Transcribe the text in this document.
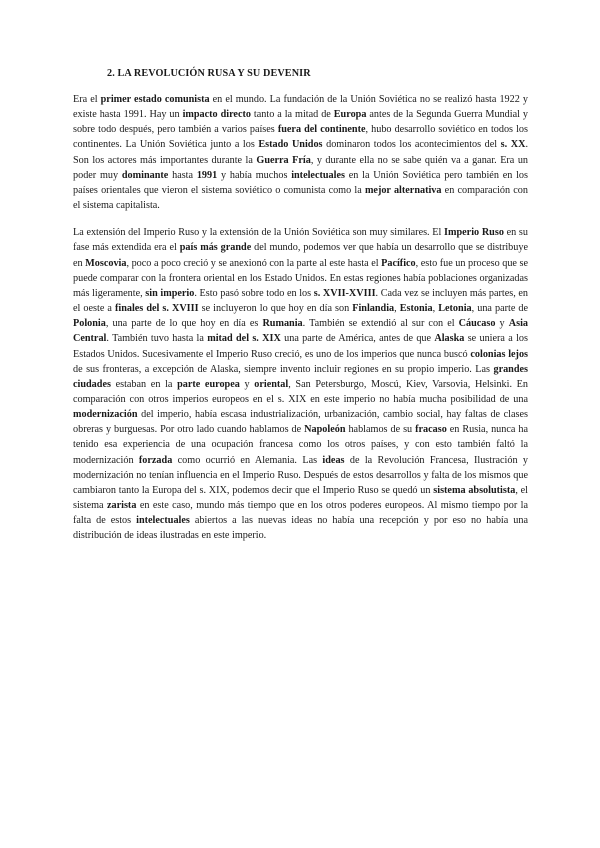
2. LA REVOLUCIÓN RUSA Y SU DEVENIR

Era el primer estado comunista en el mundo. La fundación de la Unión Soviética no se realizó hasta 1922 y existe hasta 1991. Hay un impacto directo tanto a la mitad de Europa antes de la Segunda Guerra Mundial y sobre todo después, pero también a varios países fuera del continente, hubo desarrollo soviético en todos los continentes. La Unión Soviética junto a los Estado Unidos dominaron todos los acontecimientos del s. XX. Son los actores más importantes durante la Guerra Fría, y durante ella no se sabe quién va a ganar. Era un poder muy dominante hasta 1991 y había muchos intelectuales en la Unión Soviética pero también en los países orientales que vieron el sistema soviético o comunista como la mejor alternativa en comparación con el sistema capitalista.

La extensión del Imperio Ruso y la extensión de la Unión Soviética son muy similares. El Imperio Ruso en su fase más extendida era el país más grande del mundo, podemos ver que había un desarrollo que se distribuye en Moscovia, poco a poco creció y se anexionó con la parte al este hasta el Pacífico, esto fue un proceso que se puede comparar con la frontera oriental en los Estado Unidos. En estas regiones había poblaciones organizadas más ligeramente, sin imperio. Esto pasó sobre todo en los s. XVII-XVIII. Cada vez se incluyen más partes, en el oeste a finales del s. XVIII se incluyeron lo que hoy en día son Finlandia, Estonia, Letonia, una parte de Polonia, una parte de lo que hoy en día es Rumania. También se extendió al sur con el Cáucaso y Asia Central. También tuvo hasta la mitad del s. XIX una parte de América, antes de que Alaska se uniera a los Estados Unidos. Sucesivamente el Imperio Ruso creció, es uno de los imperios que nunca buscó colonias lejos de sus fronteras, a excepción de Alaska, siempre invento incluir regiones en su propio imperio. Las grandes ciudades estaban en la parte europea y oriental, San Petersburgo, Moscú, Kiev, Varsovia, Helsinki. En comparación con otros imperios europeos en el s. XIX en este imperio no había mucha posibilidad de una modernización del imperio, había escasa industrialización, urbanización, cambio social, hay faltas de clases obreras y burguesas. Por otro lado cuando hablamos de Napoleón hablamos de su fracaso en Rusia, nunca ha tenido esa experiencia de una ocupación francesa como los otros países, y con esto también faltó la modernización forzada como ocurrió en Alemania. Las ideas de la Revolución Francesa, Ilustración y modernización no tenían influencia en el Imperio Ruso. Después de estos desarrollos y falta de los mismos que cambiaron tanto la Europa del s. XIX, podemos decir que el Imperio Ruso se quedó un sistema absolutista, el sistema zarista en este caso, mundo más tiempo que en los otros poderes europeos. Al mismo tiempo por la falta de estos intelectuales abiertos a las nuevas ideas no había una recepción y por eso no había una distribución de ideas ilustradas en este imperio.
